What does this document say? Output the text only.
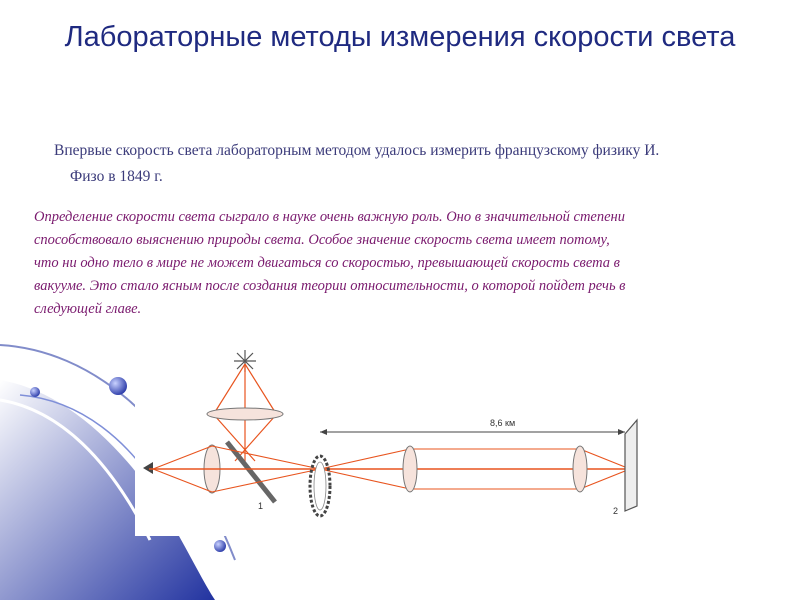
Лабораторные методы измерения скорости света
Впервые скорость света лабораторным методом удалось измерить французскому физику И.
Физо в 1849 г.
Определение скорости света сыграло в науке очень важную роль. Оно в значительной степени
способствовало выяснению природы света. Особое значение скорость света имеет потому,
что ни одно тело в мире не может двигаться со скоростью, превышающей скорость света в
вакууме. Это стало ясным после создания теории относительности, о которой пойдет речь в
следующей главе.
8,6 км
1	2
